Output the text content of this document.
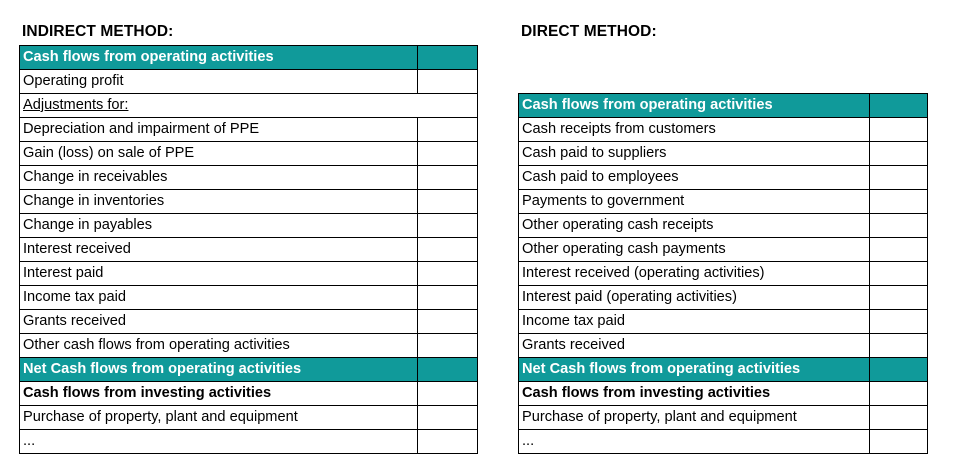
INDIRECT METHOD:	DIRECT METHOD:
Cash flows from operating activities	
Operating profit	
Adjustments for:	
Depreciation and impairment of PPE	
Gain (loss) on sale of PPE	
Change in receivables	
Change in inventories	
Change in payables	
Interest received	
Interest paid	
Income tax paid	
Grants received	
Other cash flows from operating activities	
Net Cash flows from operating activities	
Cash flows from investing activities	
Purchase of property, plant and equipment	
...	
Cash flows from operating activities	
Cash receipts from customers	
Cash paid to suppliers	
Cash paid to employees	
Payments to government	
Other operating cash receipts	
Other operating cash payments	
Interest received (operating activities)	
Interest paid (operating activities)	
Income tax paid	
Grants received	
Net Cash flows from operating activities	
Cash flows from investing activities	
Purchase of property, plant and equipment	
...	
